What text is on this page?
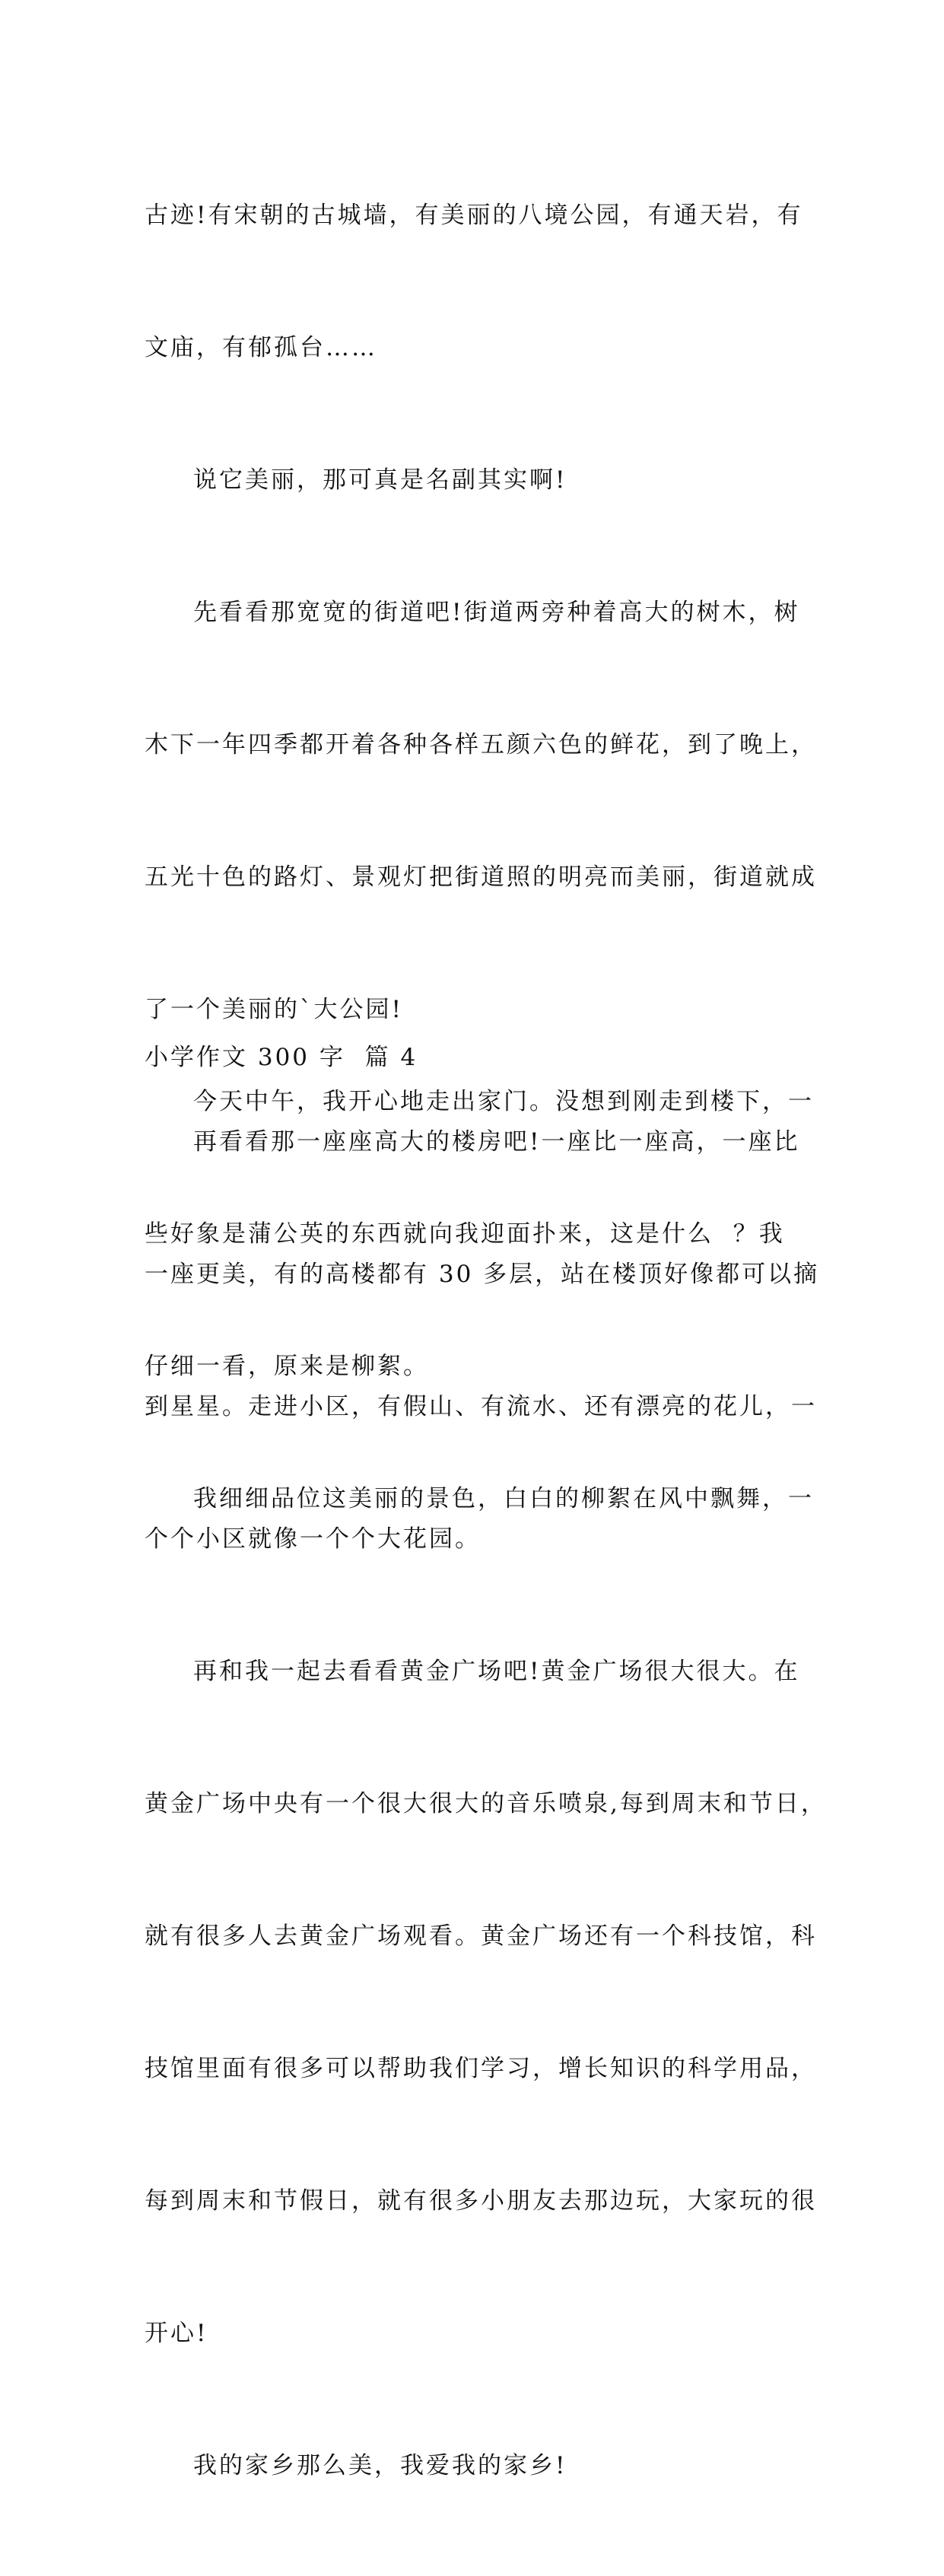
古迹!有宋朝的古城墙，有美丽的八境公园，有通天岩，有

文庙，有郁孤台……

说它美丽，那可真是名副其实啊!

先看看那宽宽的街道吧!街道两旁种着高大的树木，树

木下一年四季都开着各种各样五颜六色的鲜花，到了晚上，

五光十色的路灯、景观灯把街道照的明亮而美丽，街道就成

了一个美丽的`大公园!

再看看那一座座高大的楼房吧!一座比一座高，一座比

一座更美，有的高楼都有 30 多层，站在楼顶好像都可以摘

到星星。走进小区，有假山、有流水、还有漂亮的花儿，一

个个小区就像一个个大花园。

再和我一起去看看黄金广场吧!黄金广场很大很大。在

黄金广场中央有一个很大很大的音乐喷泉,每到周末和节日，

就有很多人去黄金广场观看。黄金广场还有一个科技馆，科

技馆里面有很多可以帮助我们学习，增长知识的科学用品，

每到周末和节假日，就有很多小朋友去那边玩，大家玩的很

开心!

我的家乡那么美，我爱我的家乡!

小学作文 300 字  篇 4

今天中午，我开心地走出家门。没想到刚走到楼下，一

些好象是蒲公英的东西就向我迎面扑来，这是什么  ？我

仔细一看，原来是柳絮。

我细细品位这美丽的景色，白白的柳絮在风中飘舞，一
